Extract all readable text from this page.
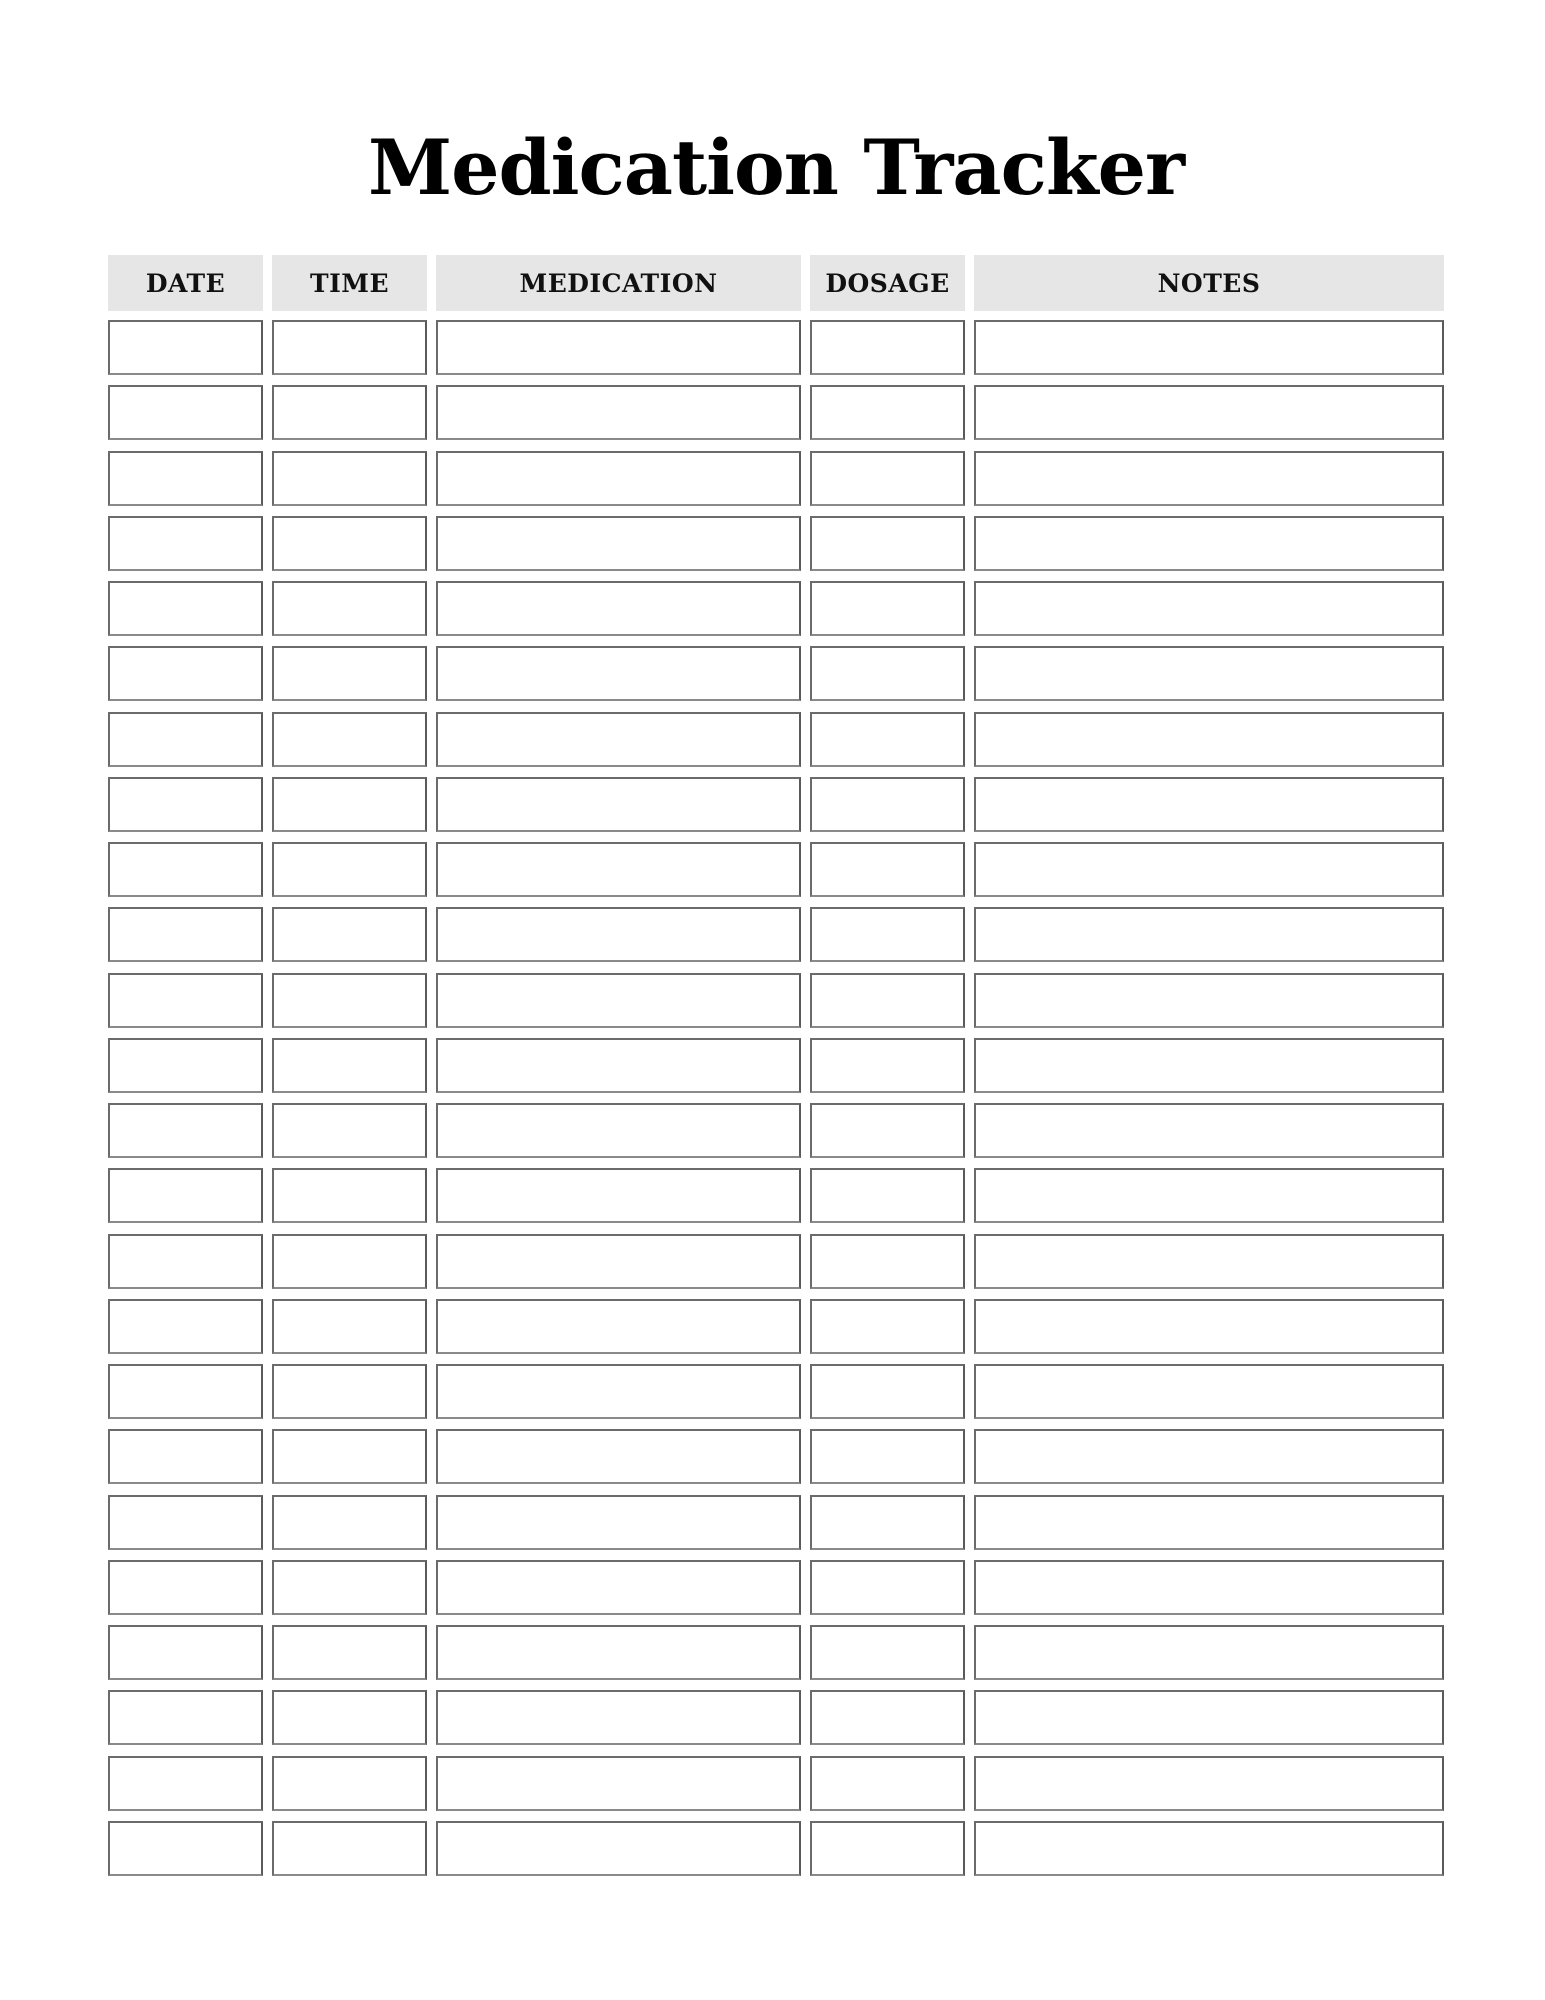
Medication Tracker
DATE	TIME	MEDICATION	DOSAGE	NOTES
